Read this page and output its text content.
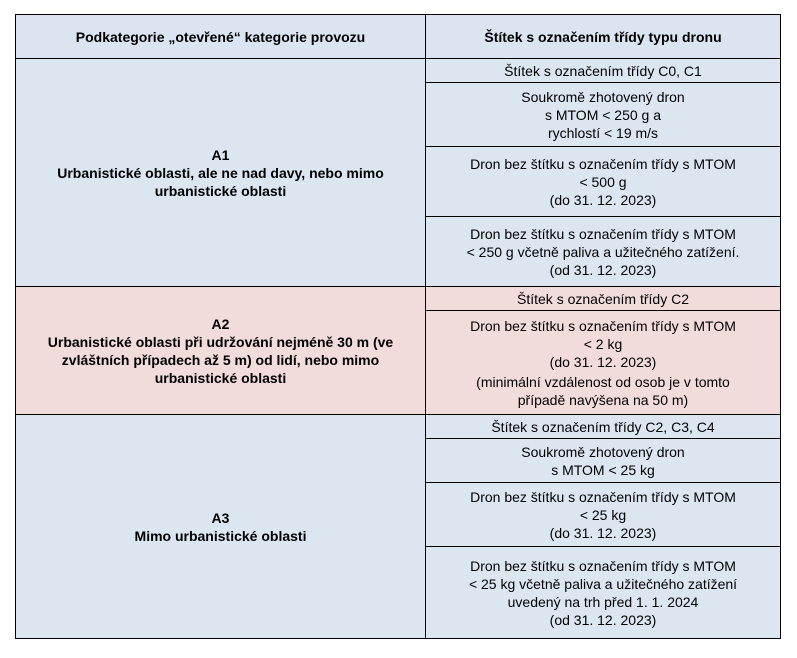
Podkategorie „otevřené“ kategorie provozu	Štítek s označením třídy typu dronu

A1
Urbanistické oblasti, ale ne nad davy, nebo mimo urbanistické oblasti	Štítek s označením třídy C0, C1

	Soukromě zhotovený dron
s MTOM < 250 g a
rychlostí < 19 m/s

	Dron bez štítku s označením třídy s MTOM
< 500 g
(do 31. 12. 2023)

	Dron bez štítku s označením třídy s MTOM
< 250 g včetně paliva a užitečného zatížení.
(od 31. 12. 2023)

A2
Urbanistické oblasti při udržování nejméně 30 m (ve zvláštních případech až 5 m) od lidí, nebo mimo urbanistické oblasti	Štítek s označením třídy C2

	Dron bez štítku s označením třídy s MTOM
< 2 kg
(do 31. 12. 2023)
(minimální vzdálenost od osob je v tomto
případě navýšena na 50 m)

A3
Mimo urbanistické oblasti	Štítek s označením třídy C2, C3, C4

	Soukromě zhotovený dron
s MTOM < 25 kg

	Dron bez štítku s označením třídy s MTOM
< 25 kg
(do 31. 12. 2023)

	Dron bez štítku s označením třídy s MTOM
< 25 kg včetně paliva a užitečného zatížení
uvedený na trh před 1. 1. 2024
(od 31. 12. 2023)
